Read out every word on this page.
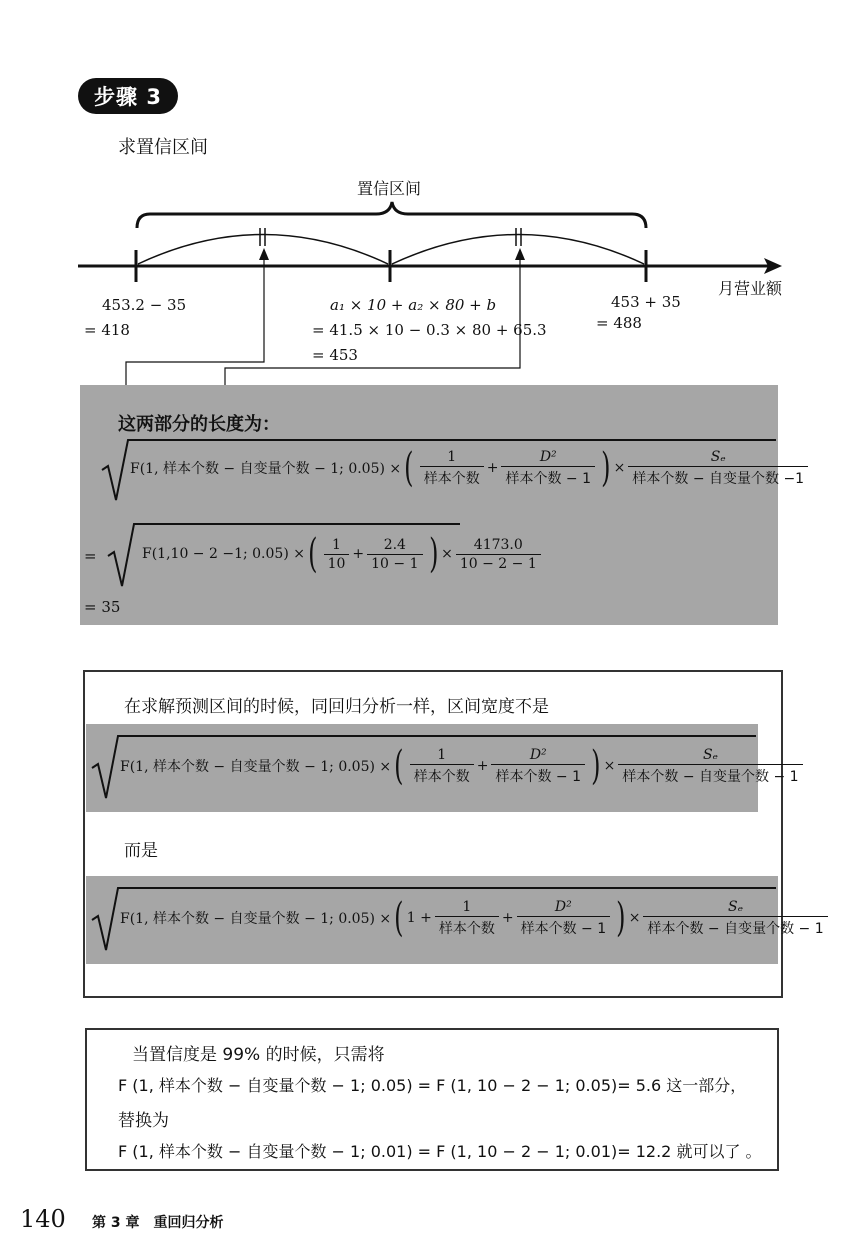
步骤 3
求置信区间
置信区间
月营业额
453.2 − 35
= 418
a₁ × 10 + a₂ × 80 + b
= 41.5 × 10 − 0.3 × 80 + 65.3
= 453
453 + 35
= 488
这两部分的长度为：
F(1, 样本个数 − 自变量个数 − 1; 0.05) × ( $\frac{1}{\text{样本个数}} + \frac{\text{D²}}{\text{样本个数 − 1}}$ ) × $\frac{\text{Sₑ}}{\text{样本个数 − 自变量个数 −1}}$
=	F(1,10 − 2 −1; 0.05) × ( $\frac{1}{10} + \frac{2.4}{10 - 1}$ ) × $\frac{4173.0}{10 - 2 - 1}$
= 35
在求解预测区间的时候，同回归分析一样，区间宽度不是
F(1, 样本个数 − 自变量个数 − 1; 0.05) × ( $\frac{1}{\text{样本个数}} + \frac{\text{D²}}{\text{样本个数 − 1}}$ ) × $\frac{\text{Sₑ}}{\text{样本个数 − 自变量个数 − 1}}$
而是
F(1, 样本个数 − 自变量个数 − 1; 0.05) × ( $1 + \frac{1}{\text{样本个数}} + \frac{\text{D²}}{\text{样本个数 − 1}}$ ) × $\frac{\text{Sₑ}}{\text{样本个数 − 自变量个数 − 1}}$
当置信度是 99% 的时候，只需将
F (1, 样本个数 − 自变量个数 − 1; 0.05) = F (1, 10 − 2 − 1; 0.05)= 5.6 这一部分，
替换为
F (1, 样本个数 − 自变量个数 − 1; 0.01) = F (1, 10 − 2 − 1; 0.01)= 12.2 就可以了 。
140 第 3 章　重回归分析
